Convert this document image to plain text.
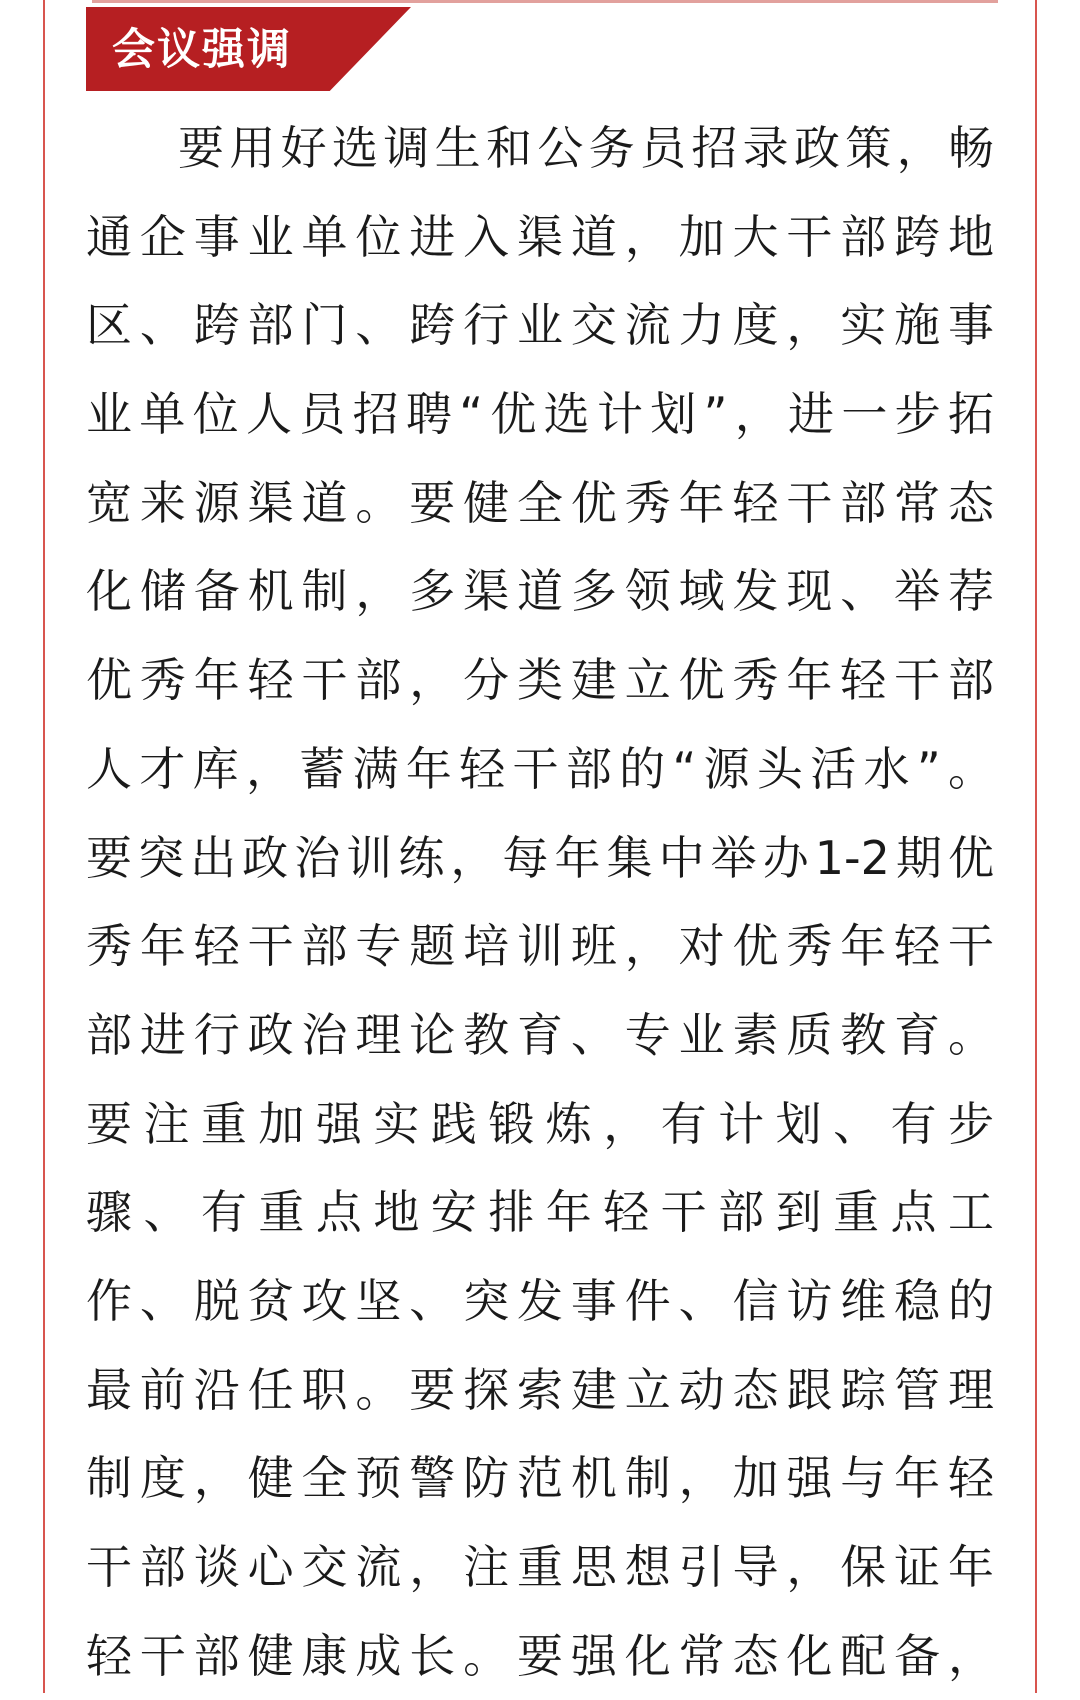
会议强调
要用好选调生和公务员招录政策，畅
通企事业单位进入渠道，加大干部跨地
区、跨部门、跨行业交流力度，实施事
业单位人员招聘“优选计划”，进一步拓
宽来源渠道。要健全优秀年轻干部常态
化储备机制，多渠道多领域发现、举荐
优秀年轻干部，分类建立优秀年轻干部
人才库，蓄满年轻干部的“源头活水”。
要突出政治训练，每年集中举办1-2期优
秀年轻干部专题培训班，对优秀年轻干
部进行政治理论教育、专业素质教育。
要注重加强实践锻炼，有计划、有步
骤、有重点地安排年轻干部到重点工
作、脱贫攻坚、突发事件、信访维稳的
最前沿任职。要探索建立动态跟踪管理
制度，健全预警防范机制，加强与年轻
干部谈心交流，注重思想引导，保证年
轻干部健康成长。要强化常态化配备，
